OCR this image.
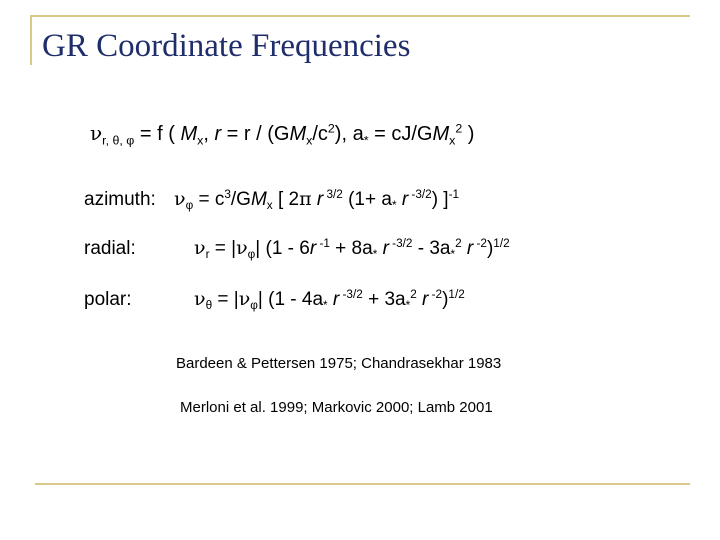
GR Coordinate Frequencies
$\nu_{r, \theta, \varphi} = f$ ( $M_x$, $r = r / (GM_x/c^2)$, $a_* = cJ/GM_x^2$ )
azimuth: $\nu_\varphi = c^3/GM_x$ [ 2π r $^{3/2}$ ($1+ a_*$ r $^{-3/2}$) ]$^{-1}$
radial:	$\nu_r = |\nu_\varphi|$ (1 - 6r $^{-1} + 8a_*$ r $^{-3/2} - 3a_*^2$ r $^{-2}$)$^{1/2}$
polar:	$\nu_\theta = |\nu_\varphi|$ ($1 - 4a_*$ r $^{-3/2} + 3a_*^2$ r $^{-2}$)$^{1/2}$
Bardeen & Pettersen 1975; Chandrasekhar 1983
Merloni et al. 1999; Markovic 2000; Lamb 2001
